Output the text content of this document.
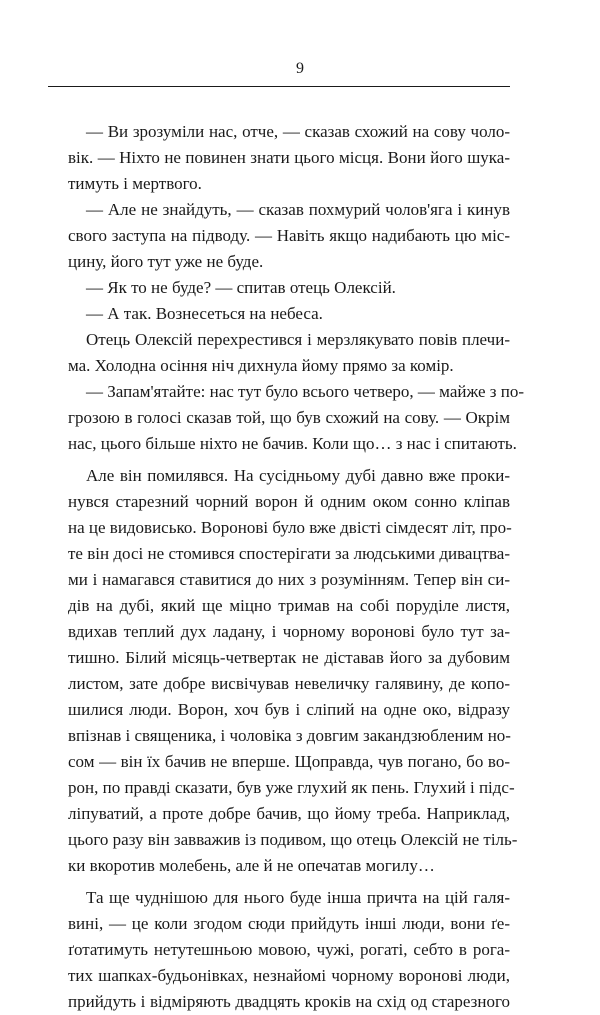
9
— Ви зрозуміли нас, отче, — сказав схожий на сову чоло-
вік. — Ніхто не повинен знати цього місця. Вони його шука-
тимуть і мертвого.
— Але не знайдуть, — сказав похмурий чолов'яга і кинув
свого заступа на підводу. — Навіть якщо надибають цю міс-
цину, його тут уже не буде.
— Як то не буде? — спитав отець Олексій.
— А так. Вознесеться на небеса.
Отець Олексій перехрестився і мерзлякувато повів плечи-
ма. Холодна осіння ніч дихнула йому прямо за комір.
— Запам'ятайте: нас тут було всього четверо, — майже з по-
грозою в голосі сказав той, що був схожий на сову. — Окрім
нас, цього більше ніхто не бачив. Коли що… з нас і спитають.
Але він помилявся. На сусідньому дубі давно вже проки-
нувся старезний чорний ворон й одним оком сонно кліпав
на це видовисько. Воронові було вже двісті сімдесят літ, про-
те він досі не стомився спостерігати за людськими дивацтва-
ми і намагався ставитися до них з розумінням. Тепер він си-
дів на дубі, який ще міцно тримав на собі поруділе листя,
вдихав теплий дух ладану, і чорному воронові було тут за-
тишно. Білий місяць-четвертак не діставав його за дубовим
листом, зате добре висвічував невеличку галявину, де копо-
шилися люди. Ворон, хоч був і сліпий на одне око, відразу
впізнав і священика, і чоловіка з довгим закандзюбленим но-
сом — він їх бачив не вперше. Щоправда, чув погано, бо во-
рон, по правді сказати, був уже глухий як пень. Глухий і підс-
ліпуватий, а проте добре бачив, що йому треба. Наприклад,
цього разу він завважив із подивом, що отець Олексій не тіль-
ки вкоротив молебень, але й не опечатав могилу…
Та ще чуднішою для нього буде інша причта на цій галя-
вині, — це коли згодом сюди прийдуть інші люди, вони ґе-
ґотатимуть нетутешньою мовою, чужі, рогаті, себто в рога-
тих шапках-будьонівках, незнайомі чорному воронові люди,
прийдуть і відміряють двадцять кроків на схід од старезного
